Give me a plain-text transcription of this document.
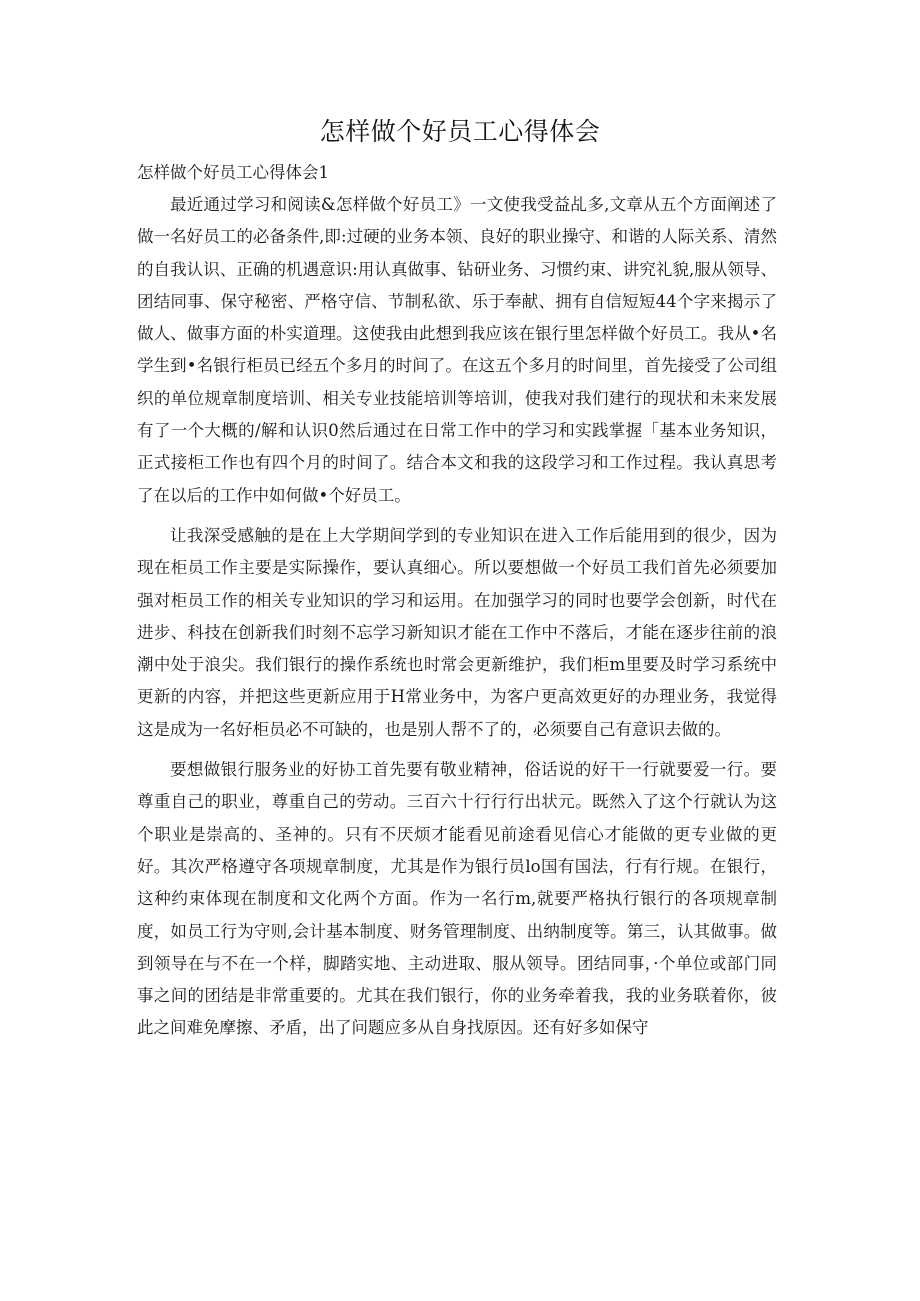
怎样做个好员工心得体会

怎样做个好员工心得体会1

最近通过学习和阅读&怎样做个好员工》一文使我受益乩多,文章从五个方面阐述了做一名好员工的必备条件,即:过硬的业务本领、良好的职业操守、和谐的人际关系、清然的自我认识、正确的机遇意识:用认真做事、钻研业务、习惯约束、讲究礼貌,服从领导、团结同事、保守秘密、严格守信、节制私欲、乐于奉献、拥有自信短短44个字来揭示了做人、做事方面的朴实道理。这使我由此想到我应该在银行里怎样做个好员工。我从•名学生到•名银行柜员已经五个多月的时间了。在这五个多月的时间里，首先接受了公司组织的单位规章制度培训、相关专业技能培训等培训，使我对我们建行的现状和未来发展有了一个大概的/解和认识0然后通过在日常工作中的学习和实践掌握「基本业务知识，正式接柜工作也有四个月的时间了。结合本文和我的这段学习和工作过程。我认真思考了在以后的工作中如何做•个好员工。

让我深受感触的是在上大学期间学到的专业知识在进入工作后能用到的很少，因为现在柜员工作主要是实际操作，要认真细心。所以要想做一个好员工我们首先必须要加强对柜员工作的相关专业知识的学习和运用。在加强学习的同时也要学会创新，时代在进步、科技在创新我们时刻不忘学习新知识才能在工作中不落后，才能在逐步往前的浪潮中处于浪尖。我们银行的操作系统也时常会更新维护，我们柜m里要及时学习系统中更新的内容，并把这些更新应用于H常业务中，为客户更高效更好的办理业务，我觉得这是成为一名好柜员必不可缺的，也是别人帮不了的，必须要自己有意识去做的。

要想做银行服务业的好协工首先要有敬业精神，俗话说的好干一行就要爱一行。要尊重自己的职业，尊重自己的劳动。三百六十行行行出状元。既然入了这个行就认为这个职业是崇高的、圣神的。只有不厌烦才能看见前途看见信心才能做的更专业做的更好。其次严格遵守各项规章制度，尤其是作为银行员lo国有国法，行有行规。在银行，这种约束体现在制度和文化两个方面。作为一名行m,就要严格执行银行的各项规章制度，如员工行为守则,会计基本制度、财务管理制度、出纳制度等。第三，认其做事。做到领导在与不在一个样，脚踏实地、主动进取、服从领导。团结同事，·个单位或部门同事之间的团结是非常重要的。尤其在我们银行，你的业务牵着我，我的业务联着你，彼此之间难免摩擦、矛盾，出了问题应多从自身找原因。还有好多如保守
